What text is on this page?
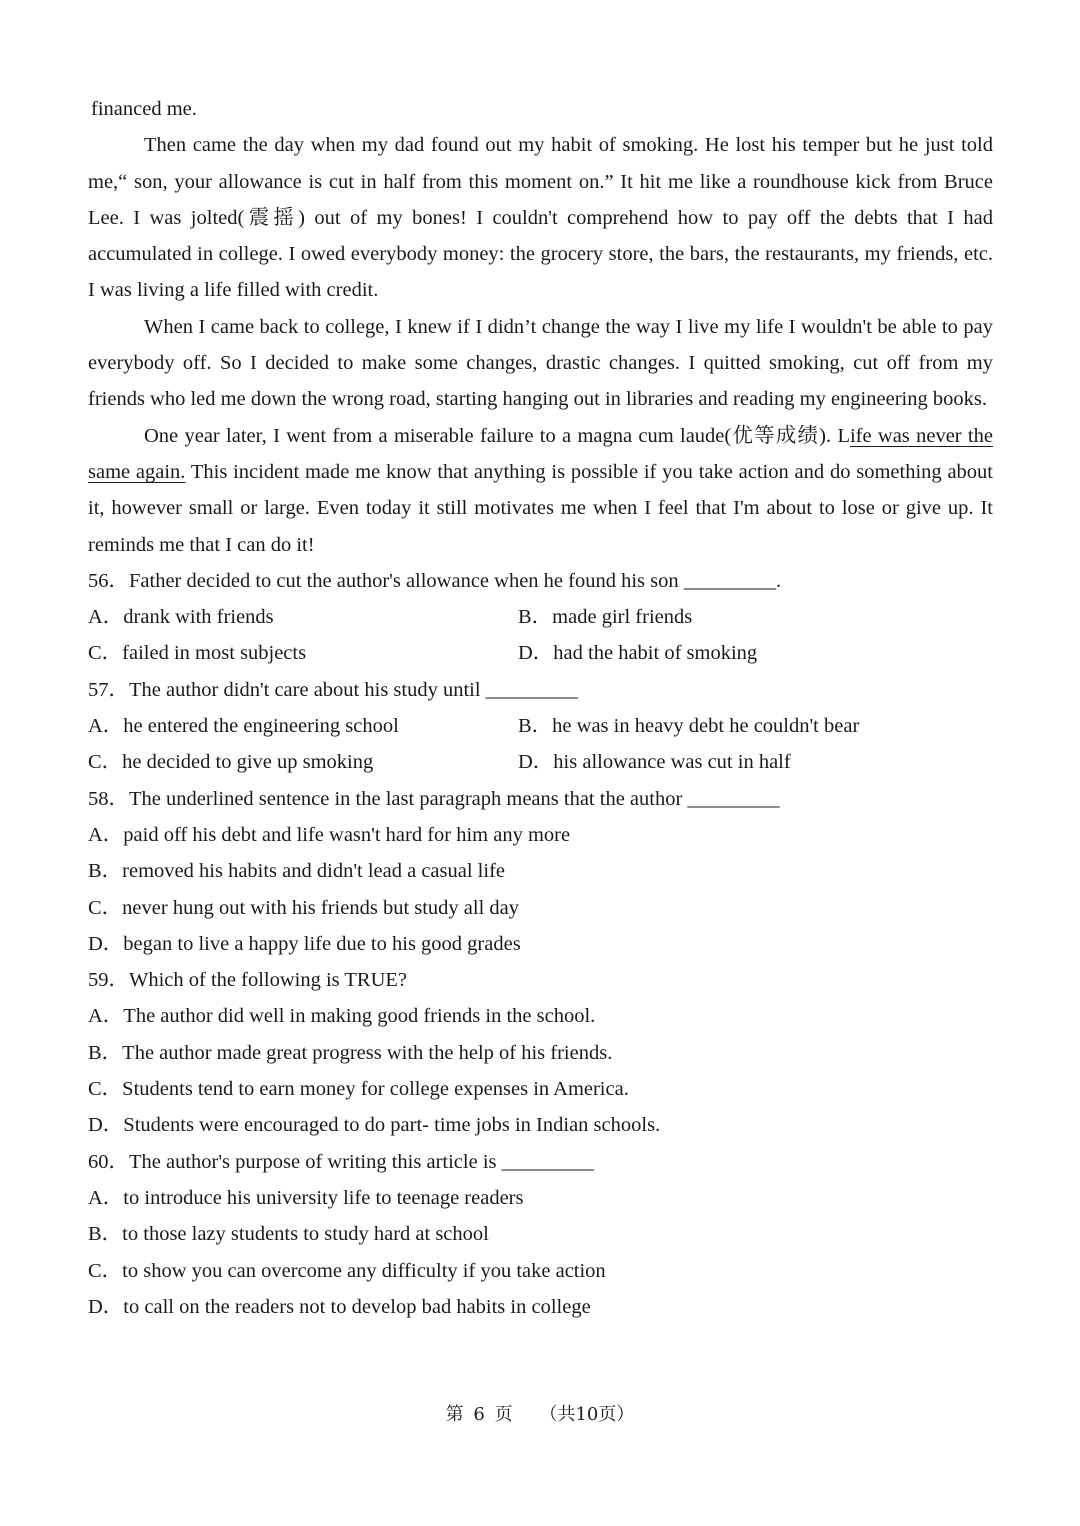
financed me.

Then came the day when my dad found out my habit of smoking. He lost his temper but he just told me,“ son, your allowance is cut in half from this moment on.” It hit me like a roundhouse kick from Bruce Lee. I was jolted(震摇) out of my bones! I couldn't comprehend how to pay off the debts that I had accumulated in college. I owed everybody money: the grocery store, the bars, the restaurants, my friends, etc. I was living a life filled with credit.

When I came back to college, I knew if I didn’t change the way I live my life I wouldn't be able to pay everybody off. So I decided to make some changes, drastic changes. I quitted smoking, cut off from my friends who led me down the wrong road, starting hanging out in libraries and reading my engineering books.

One year later, I went from a miserable failure to a magna cum laude(优等成绩). Life was never the same again. This incident made me know that anything is possible if you take action and do something about it, however small or large. Even today it still motivates me when I feel that I'm about to lose or give up. It reminds me that I can do it!

56．Father decided to cut the author's allowance when he found his son _________.

A．drank with friends	B．made girl friends
C．failed in most subjects	D．had the habit of smoking

57．The author didn't care about his study until _________

A．he entered the engineering school	B．he was in heavy debt he couldn't bear
C．he decided to give up smoking	D．his allowance was cut in half

58．The underlined sentence in the last paragraph means that the author _________

A．paid off his debt and life wasn't hard for him any more

B．removed his habits and didn't lead a casual life

C．never hung out with his friends but study all day

D．began to live a happy life due to his good grades

59．Which of the following is TRUE?

A．The author did well in making good friends in the school.

B．The author made great progress with the help of his friends.

C．Students tend to earn money for college expenses in America.

D．Students were encouraged to do part- time jobs in Indian schools.

60．The author's purpose of writing this article is _________

A．to introduce his university life to teenage readers

B．to those lazy students to study hard at school

C．to show you can overcome any difficulty if you take action

D．to call on the readers not to develop bad habits in college

第 6 页 （共10页）
